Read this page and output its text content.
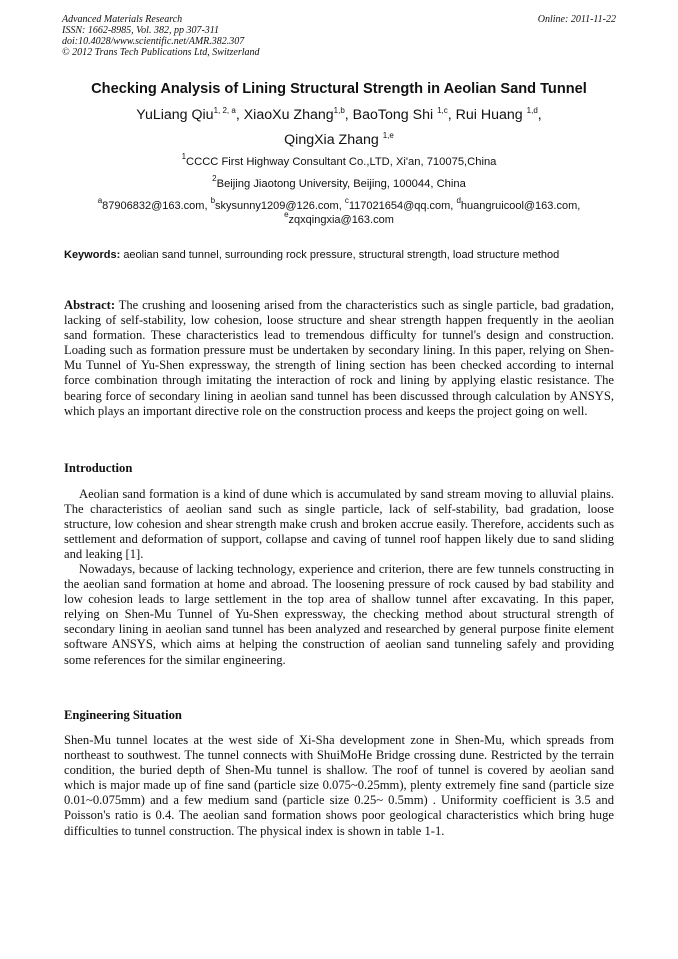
Advanced Materials Research
ISSN: 1662-8985, Vol. 382, pp 307-311
doi:10.4028/www.scientific.net/AMR.382.307
© 2012 Trans Tech Publications Ltd, Switzerland
Online: 2011-11-22
Checking Analysis of Lining Structural Strength in Aeolian Sand Tunnel
YuLiang Qiu$^{1, 2, a}$, XiaoXu Zhang$^{1,b}$, BaoTong Shi $^{1,c}$, Rui Huang $^{1,d}$,
QingXia Zhang $^{1,e}$
$^1$CCCC First Highway Consultant Co.,LTD, Xi'an, 710075,China
$^2$Beijing Jiaotong University, Beijing, 100044, China
$^a$87906832@163.com, $^b$skysunny1209@126.com, $^c$117021654@qq.com, $^d$huangruicool@163.com,
$^e$zqxqingxia@163.com
Keywords: aeolian sand tunnel, surrounding rock pressure, structural strength, load structure method
Abstract: The crushing and loosening arised from the characteristics such as single particle, bad gradation, lacking of self-stability, low cohesion, loose structure and shear strength happen frequently in the aeolian sand formation. These characteristics lead to tremendous difficulty for tunnel's design and construction. Loading such as formation pressure must be undertaken by secondary lining. In this paper, relying on Shen-Mu Tunnel of Yu-Shen expressway, the strength of lining section has been checked according to internal force combination through imitating the interaction of rock and lining by applying elastic resistance. The bearing force of secondary lining in aeolian sand tunnel has been discussed through calculation by ANSYS, which plays an important directive role on the construction process and keeps the project going on well.
Introduction
Aeolian sand formation is a kind of dune which is accumulated by sand stream moving to alluvial plains. The characteristics of aeolian sand such as single particle, lack of self-stability, bad gradation, loose structure, low cohesion and shear strength make crush and broken accrue easily. Therefore, accidents such as settlement and deformation of support, collapse and caving of tunnel roof happen likely due to sand sliding and leaking [1].
Nowadays, because of lacking technology, experience and criterion, there are few tunnels constructing in the aeolian sand formation at home and abroad. The loosening pressure of rock caused by bad stability and low cohesion leads to large settlement in the top area of shallow tunnel after excavating. In this paper, relying on Shen-Mu Tunnel of Yu-Shen expressway, the checking method about structural strength of secondary lining in aeolian sand tunnel has been analyzed and researched by general purpose finite element software ANSYS, which aims at helping the construction of aeolian sand tunneling safely and providing some references for the similar engineering.
Engineering Situation
Shen-Mu tunnel locates at the west side of Xi-Sha development zone in Shen-Mu, which spreads from northeast to southwest. The tunnel connects with ShuiMoHe Bridge crossing dune. Restricted by the terrain condition, the buried depth of Shen-Mu tunnel is shallow. The roof of tunnel is covered by aeolian sand which is major made up of fine sand (particle size 0.075~0.25mm), plenty extremely fine sand (particle size 0.01~0.075mm) and a few medium sand (particle size 0.25~ 0.5mm) . Uniformity coefficient is 3.5 and Poisson's ratio is 0.4. The aeolian sand formation shows poor geological characteristics which bring huge difficulties to tunnel construction. The physical index is shown in table 1-1.
